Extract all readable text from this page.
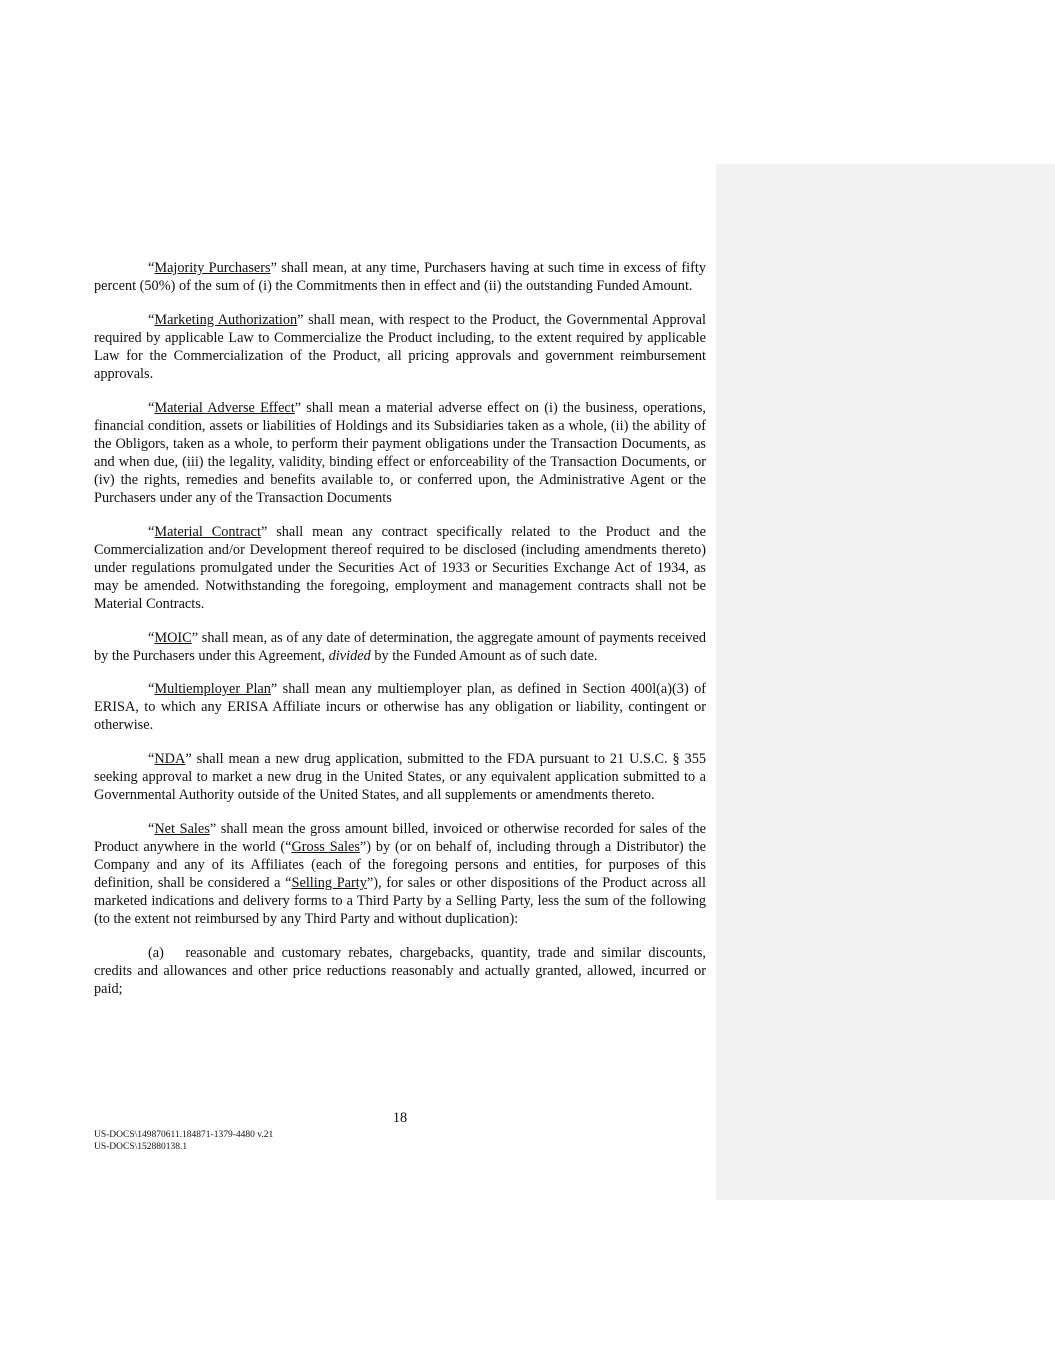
“Majority Purchasers” shall mean, at any time, Purchasers having at such time in excess of fifty percent (50%) of the sum of (i) the Commitments then in effect and (ii) the outstanding Funded Amount.

“Marketing Authorization” shall mean, with respect to the Product, the Governmental Approval required by applicable Law to Commercialize the Product including, to the extent required by applicable Law for the Commercialization of the Product, all pricing approvals and government reimbursement approvals.

“Material Adverse Effect” shall mean a material adverse effect on (i) the business, operations, financial condition, assets or liabilities of Holdings and its Subsidiaries taken as a whole, (ii) the ability of the Obligors, taken as a whole, to perform their payment obligations under the Transaction Documents, as and when due, (iii) the legality, validity, binding effect or enforceability of the Transaction Documents, or (iv) the rights, remedies and benefits available to, or conferred upon, the Administrative Agent or the Purchasers under any of the Transaction Documents

“Material Contract” shall mean any contract specifically related to the Product and the Commercialization and/or Development thereof required to be disclosed (including amendments thereto) under regulations promulgated under the Securities Act of 1933 or Securities Exchange Act of 1934, as may be amended. Notwithstanding the foregoing, employment and management contracts shall not be Material Contracts.

“MOIC” shall mean, as of any date of determination, the aggregate amount of payments received by the Purchasers under this Agreement, divided by the Funded Amount as of such date.

“Multiemployer Plan” shall mean any multiemployer plan, as defined in Section 400l(a)(3) of ERISA, to which any ERISA Affiliate incurs or otherwise has any obligation or liability, contingent or otherwise.

“NDA” shall mean a new drug application, submitted to the FDA pursuant to 21 U.S.C. § 355 seeking approval to market a new drug in the United States, or any equivalent application submitted to a Governmental Authority outside of the United States, and all supplements or amendments thereto.

“Net Sales” shall mean the gross amount billed, invoiced or otherwise recorded for sales of the Product anywhere in the world (“Gross Sales”) by (or on behalf of, including through a Distributor) the Company and any of its Affiliates (each of the foregoing persons and entities, for purposes of this definition, shall be considered a “Selling Party”), for sales or other dispositions of the Product across all marketed indications and delivery forms to a Third Party by a Selling Party, less the sum of the following (to the extent not reimbursed by any Third Party and without duplication):

(a)  reasonable and customary rebates, chargebacks, quantity, trade and similar discounts, credits and allowances and other price reductions reasonably and actually granted, allowed, incurred or paid;

18
US-DOCS\149870611.184871-1379-4480 v.21
US-DOCS\152880138.1
